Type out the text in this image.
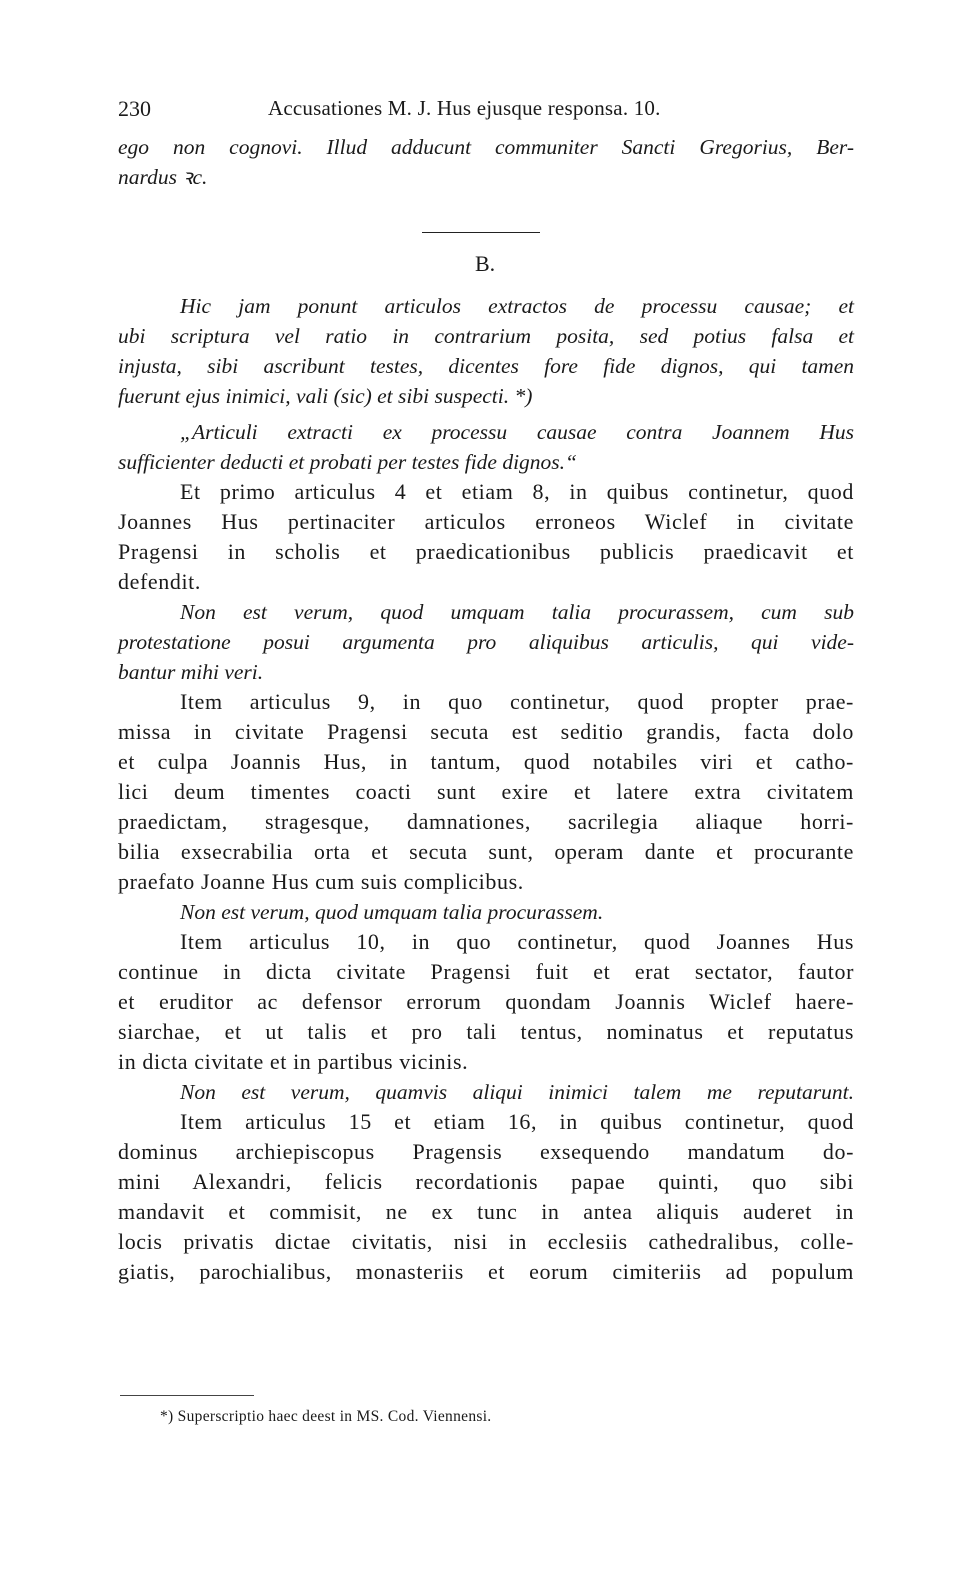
230	Accusationes M. J. Hus ejusque responsa. 10.
ego non cognovi. Illud adducunt communiter Sancti Gregorius, Ber-
nardus ꝛc.
B.
Hic jam ponunt articulos extractos de processu causae; et
ubi scriptura vel ratio in contrarium posita, sed potius falsa et
injusta, sibi ascribunt testes, dicentes fore fide dignos, qui tamen
fuerunt ejus inimici, vali (sic) et sibi suspecti. *)
„Articuli extracti ex processu causae contra Joannem Hus
sufficienter deducti et probati per testes fide dignos.“
Et primo articulus 4 et etiam 8, in quibus continetur, quod
Joannes Hus pertinaciter articulos erroneos Wiclef in civitate
Pragensi in scholis et praedicationibus publicis praedicavit et
defendit.
Non est verum, quod umquam talia procurassem, cum sub
protestatione posui argumenta pro aliquibus articulis, qui vide-
bantur mihi veri.
Item articulus 9, in quo continetur, quod propter prae-
missa in civitate Pragensi secuta est seditio grandis, facta dolo
et culpa Joannis Hus, in tantum, quod notabiles viri et catho-
lici deum timentes coacti sunt exire et latere extra civitatem
praedictam, stragesque, damnationes, sacrilegia aliaque horri-
bilia exsecrabilia orta et secuta sunt, operam dante et procurante
praefato Joanne Hus cum suis complicibus.
Non est verum, quod umquam talia procurassem.
Item articulus 10, in quo continetur, quod Joannes Hus
continue in dicta civitate Pragensi fuit et erat sectator, fautor
et eruditor ac defensor errorum quondam Joannis Wiclef haere-
siarchae, et ut talis et pro tali tentus, nominatus et reputatus
in dicta civitate et in partibus vicinis.
Non est verum, quamvis aliqui inimici talem me reputarunt.
Item articulus 15 et etiam 16, in quibus continetur, quod
dominus archiepiscopus Pragensis exsequendo mandatum do-
mini Alexandri, felicis recordationis papae quinti, quo sibi
mandavit et commisit, ne ex tunc in antea aliquis auderet in
locis privatis dictae civitatis, nisi in ecclesiis cathedralibus, colle-
giatis, parochialibus, monasteriis et eorum cimiteriis ad populum
*) Superscriptio haec deest in MS. Cod. Viennensi.
